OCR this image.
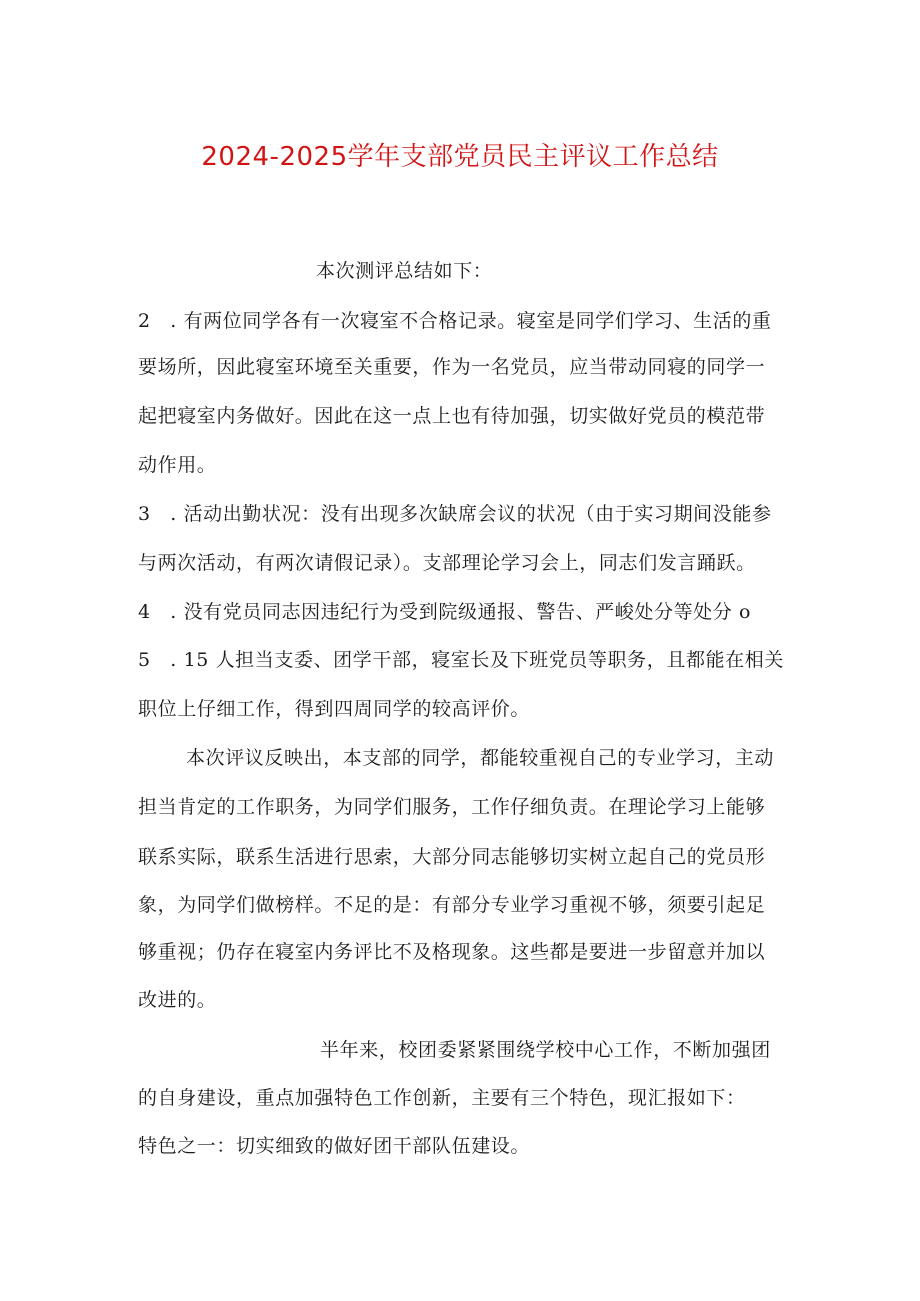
2024-2025学年支部党员民主评议工作总结
本次测评总结如下：
2　. 有两位同学各有一次寝室不合格记录。寝室是同学们学习、生活的重
要场所，因此寝室环境至关重要，作为一名党员，应当带动同寝的同学一
起把寝室内务做好。因此在这一点上也有待加强，切实做好党员的模范带
动作用。
3　. 活动出勤状况：没有出现多次缺席会议的状况（由于实习期间没能参
与两次活动，有两次请假记录）。支部理论学习会上，同志们发言踊跃。
4　. 没有党员同志因违纪行为受到院级通报、警告、严峻处分等处分 o
5　. 15 人担当支委、团学干部，寝室长及下班党员等职务，且都能在相关
职位上仔细工作，得到四周同学的较高评价。
本次评议反映出，本支部的同学，都能较重视自己的专业学习，主动
担当肯定的工作职务，为同学们服务，工作仔细负责。在理论学习上能够
联系实际，联系生活进行思索，大部分同志能够切实树立起自己的党员形
象，为同学们做榜样。不足的是：有部分专业学习重视不够，须要引起足
够重视；仍存在寝室内务评比不及格现象。这些都是要进一步留意并加以
改进的。
半年来，校团委紧紧围绕学校中心工作，不断加强团
的自身建设，重点加强特色工作创新，主要有三个特色，现汇报如下：
特色之一：切实细致的做好团干部队伍建设。
